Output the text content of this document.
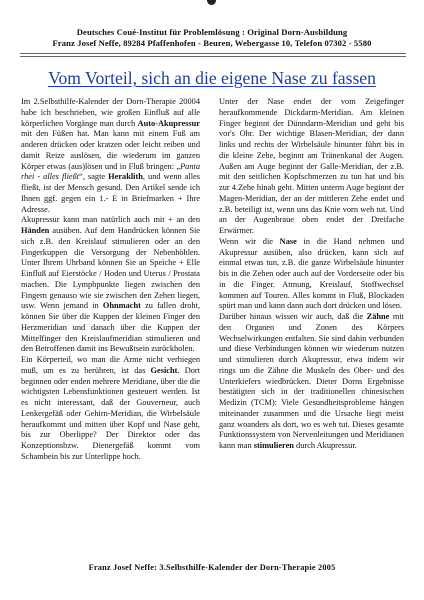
Deutsches Coué-Institut für Problemlösung : Original Dorn-Ausbildung
Franz Josef Neffe, 89284 Pfaffenhofen - Beuren, Webergasse 10, Telefon 07302 - 5580
Vom Vorteil, sich an die eigene Nase zu fassen

Im 2.Selbsthilfe-Kalender der Dorn-Therapie 20004 habe ich beschrieben, wie großen Einfluß auf alle körperlichen Vorgänge man durch Auto-Akupressur mit den Füßen hat. Man kann mit einem Fuß am anderen drücken oder kratzen oder leicht reiben und damit Reize auslösen, die wiederum im ganzen Körper etwas (aus)lösen und in Fluß bringen: „Panta rhei - alles fließt“, sagte Heraklith, und wenn alles fließt, ist der Mensch gesund. Den Artikel sende ich Ihnen ggf. gegen ein 1.- E in Briefmarken + Ihre Adresse.

Akupressur kann man natürlich auch mit + an den Händen ausüben. Auf dem Handrücken können Sie sich z.B. den Kreislauf stimulieren oder an den Fingerkuppen die Versorgung der Nebenhöhlen. Unter Ihrem Uhrband können Sie an Speiche + Elle Einfluß auf Eierstöcke / Hoden und Uterus / Prostata machen. Die Lymphpunkte liegen zwischen den Fingern genauso wie sie zwischen den Zehen liegen, usw. Wenn jemand in Ohnmacht zu fallen droht, können Sie über die Kuppen der kleinen Finger den Herzmeridian und danach über die Kuppen der Mittelfinger den Kreislaufmeridian stimulieren und den Betroffenen damit ins Bewußtsein zurückholen.

Ein Körperteil, wo man die Arme nicht verbiegen muß, um es zu berühren, ist das Gesicht. Dort beginnen oder enden mehrere Meridiane, über die die wichtigsten Lebensfunktionen gesteuert werden. Ist es nicht interessant, daß der Gouverneur, auch Lenkergefäß oder Gehirn-Meridian, die Wirbelsäule heraufkommt und mitten über Kopf und Nase geht, bis zur Oberlippe? Der Direktor oder das Konzeptionsbzw. Dienergefäß kommt vom Schambein bis zur Unterlippe hoch.

Unter der Nase endet der vom Zeigefinger heraufkommende Dickdarm-Meridian. Am kleinen Finger beginnt der Dünndarm-Meridian und geht bis vor's Ohr. Der wichtige Blasen-Meridian, der dann links und rechts der Wirbelsäule hinunter führt bis in die kleine Zehe, beginnt am Tränenkanal der Augen. Außen am Auge beginnt der Galle-Meridian, der z.B. mit den seitlichen Kopfschmerzen zu tun hat und bis zur 4.Zehe hinab geht. Mitten unterm Auge beginnt der Magen-Meridian, der an der mittleren Zehe endet und z.B. beteiligt ist, wenn uns das Knie vorn weh tut. Und an der Augenbraue oben endet der Dreifache Erwärmer.

Wenn wir die Nase in die Hand nehmen und Akupressur ausüben, also drücken, kann sich auf einmal etwas tun, z.B. die ganze Wirbelsäule hinunter bis in die Zehen oder auch auf der Vorderseite oder bis in die Finger. Atmung, Kreislauf, Stoffwechsel kommen auf Touren. Alles kommt in Fluß, Blockaden spürt man und kann dann auch dort drücken und lösen.

Darüber hinaus wissen wir auch, daß die Zähne mit den Organen und Zonen des Körpers Wechselwirkungen entfalten. Sie sind dahin verbunden und diese Verbindungen können wir wiederum nutzen und stimulieren durch Akupressur, etwa indem wir rings um die Zähne die Muskeln des Ober- und des Unterkiefers wiedbrücken. Dieter Dorns Ergebnisse bestätigten sich in der traditionellen chinesischen Medizin (TCM): Viele Gesundheitsprobleme hängen miteinander zusammen und die Ursache liegt meist ganz woanders als dort, wo es weh tut. Dieses gesamte Funktionssystem von Nervenleitungen und Meridianen kann man stimulieren durch Akupressur.

Franz Josef Neffe: 3.Selbsthilfe-Kalender der Dorn-Therapie 2005
